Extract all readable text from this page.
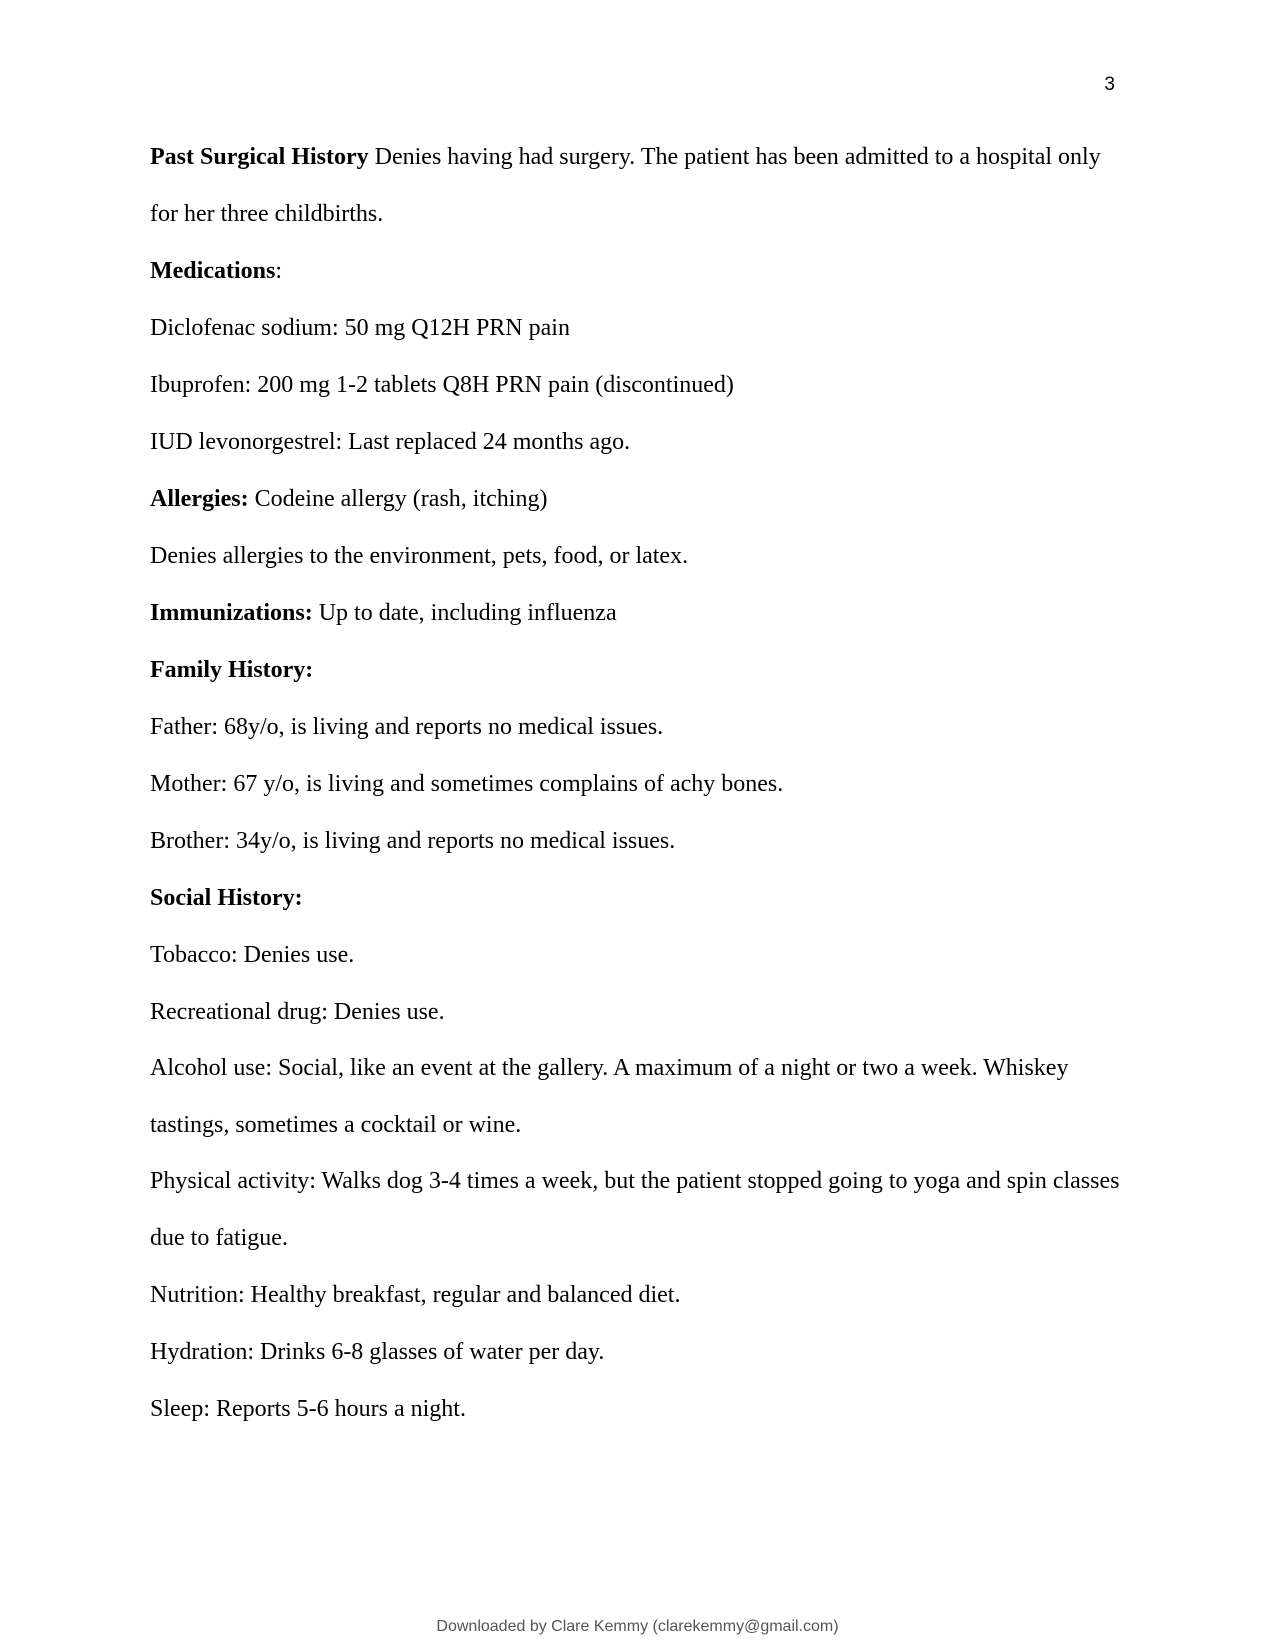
3
Past Surgical History Denies having had surgery. The patient has been admitted to a hospital only for her three childbirths.
Medications:
Diclofenac sodium: 50 mg Q12H PRN pain
Ibuprofen: 200 mg 1-2 tablets Q8H PRN pain (discontinued)
IUD levonorgestrel: Last replaced 24 months ago.
Allergies: Codeine allergy (rash, itching)
Denies allergies to the environment, pets, food, or latex.
Immunizations: Up to date, including influenza
Family History:
Father: 68y/o, is living and reports no medical issues.
Mother: 67 y/o, is living and sometimes complains of achy bones.
Brother: 34y/o, is living and reports no medical issues.
Social History:
Tobacco: Denies use.
Recreational drug: Denies use.
Alcohol use: Social, like an event at the gallery. A maximum of a night or two a week. Whiskey tastings, sometimes a cocktail or wine.
Physical activity: Walks dog 3-4 times a week, but the patient stopped going to yoga and spin classes due to fatigue.
Nutrition: Healthy breakfast, regular and balanced diet.
Hydration: Drinks 6-8 glasses of water per day.
Sleep: Reports 5-6 hours a night.
Downloaded by Clare Kemmy (clarekemmy@gmail.com)
